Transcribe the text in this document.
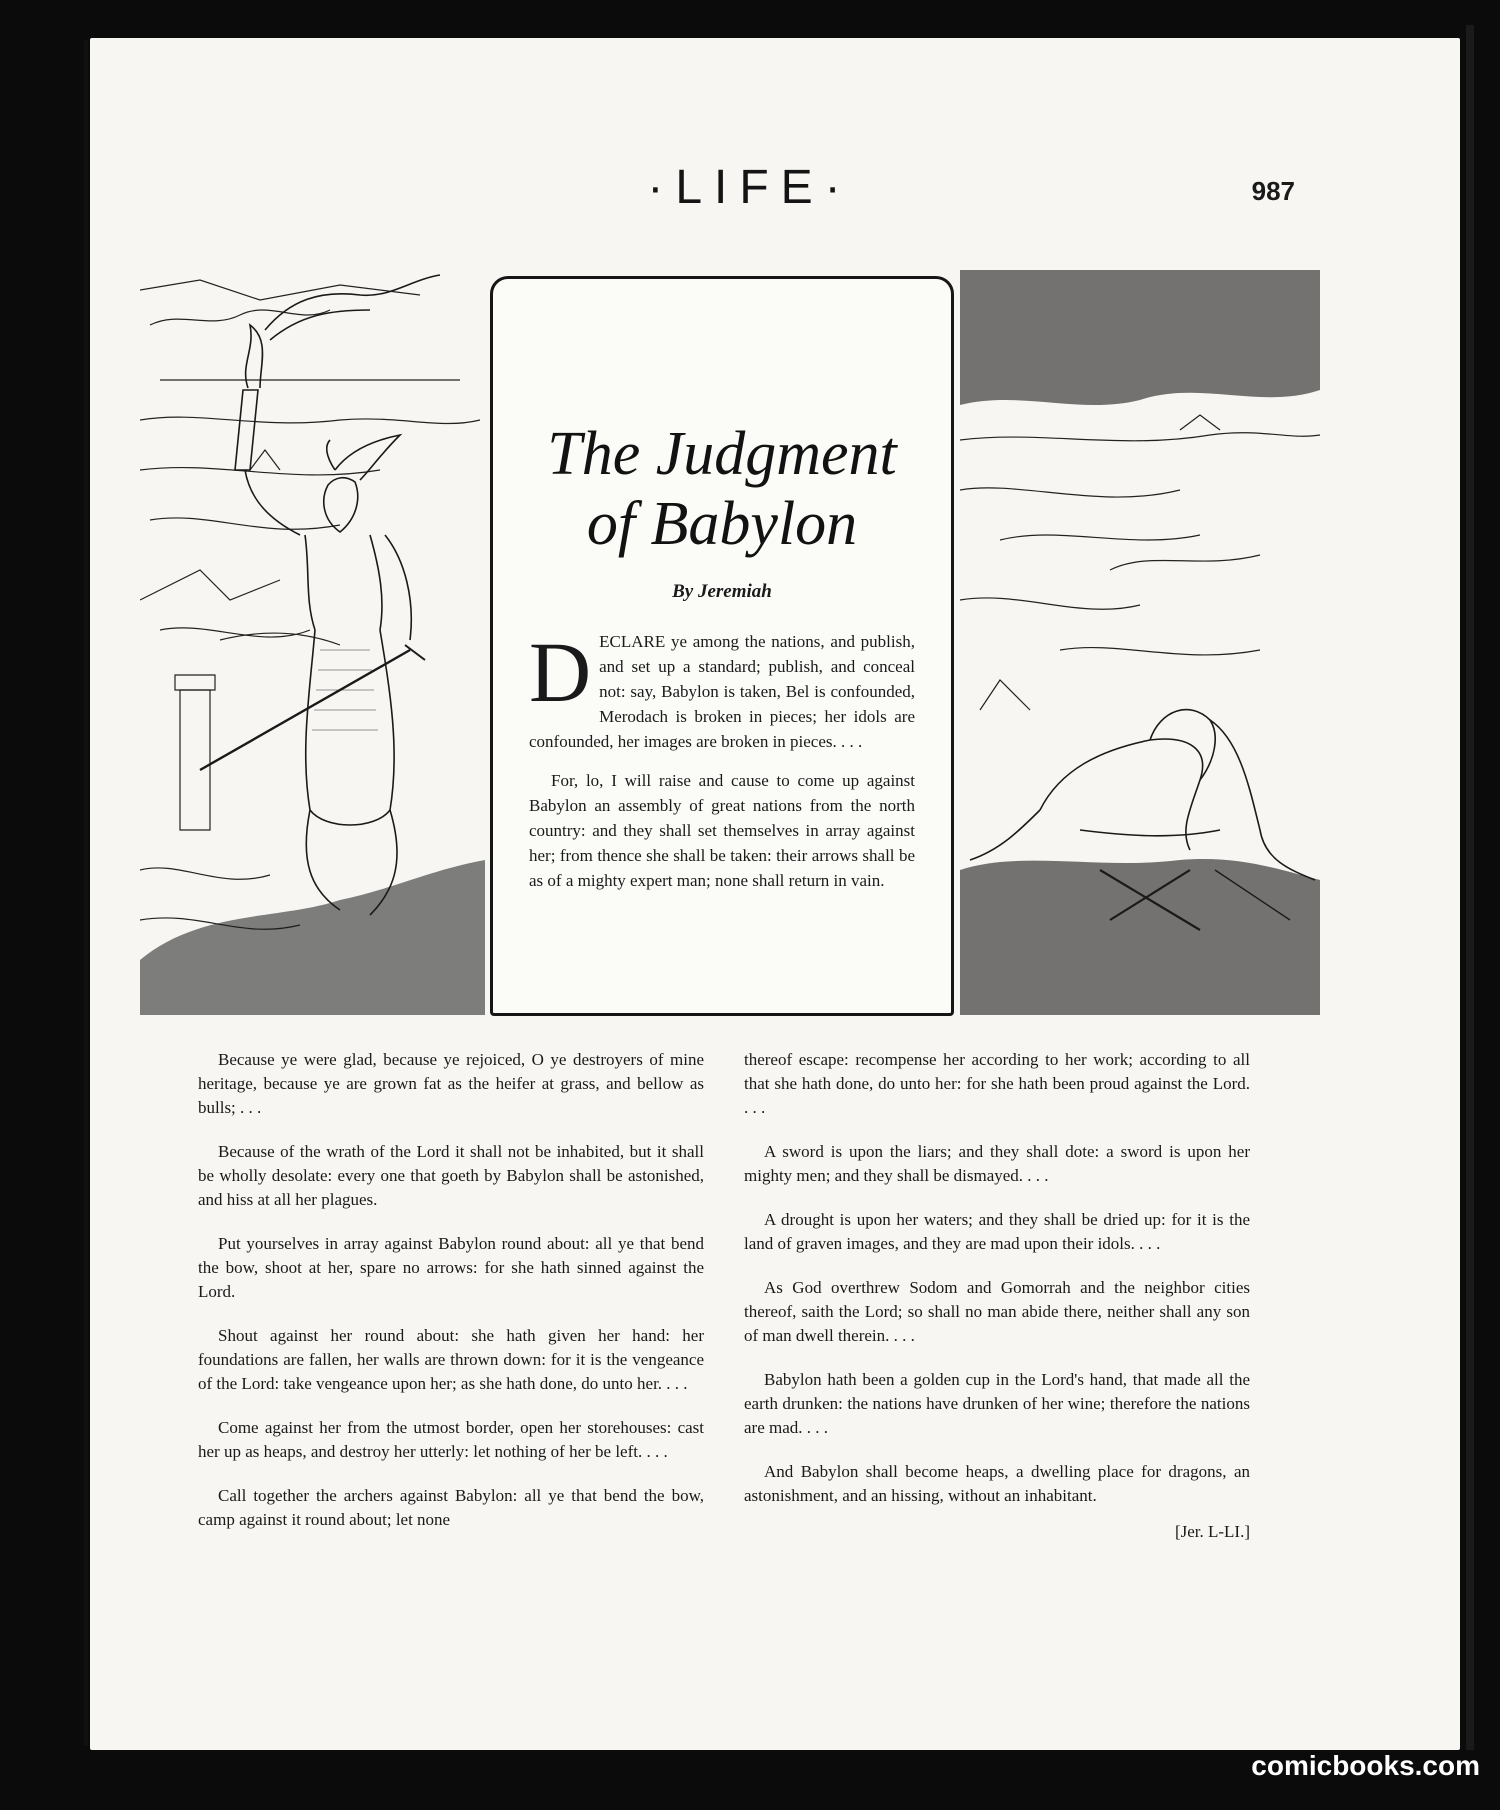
·LIFE·	987
The Judgment
of Babylon
By Jeremiah

DECLARE ye among the nations, and publish, and set up a standard; publish, and conceal not: say, Babylon is taken, Bel is confounded, Merodach is broken in pieces; her idols are confounded, her images are broken in pieces. . . .

For, lo, I will raise and cause to come up against Babylon an assembly of great nations from the north country: and they shall set themselves in array against her; from thence she shall be taken: their arrows shall be as of a mighty expert man; none shall return in vain.

Because ye were glad, because ye rejoiced, O ye destroyers of mine heritage, because ye are grown fat as the heifer at grass, and bellow as bulls; . . .

Because of the wrath of the Lord it shall not be inhabited, but it shall be wholly desolate: every one that goeth by Babylon shall be astonished, and hiss at all her plagues.

Put yourselves in array against Babylon round about: all ye that bend the bow, shoot at her, spare no arrows: for she hath sinned against the Lord.

Shout against her round about: she hath given her hand: her foundations are fallen, her walls are thrown down: for it is the vengeance of the Lord: take vengeance upon her; as she hath done, do unto her. . . .

Come against her from the utmost border, open her storehouses: cast her up as heaps, and destroy her utterly: let nothing of her be left. . . .

Call together the archers against Babylon: all ye that bend the bow, camp against it round about; let none

thereof escape: recompense her according to her work; according to all that she hath done, do unto her: for she hath been proud against the Lord. . . .

A sword is upon the liars; and they shall dote: a sword is upon her mighty men; and they shall be dismayed. . . .

A drought is upon her waters; and they shall be dried up: for it is the land of graven images, and they are mad upon their idols. . . .

As God overthrew Sodom and Gomorrah and the neighbor cities thereof, saith the Lord; so shall no man abide there, neither shall any son of man dwell therein. . . .

Babylon hath been a golden cup in the Lord's hand, that made all the earth drunken: the nations have drunken of her wine; therefore the nations are mad. . . .

And Babylon shall become heaps, a dwelling place for dragons, an astonishment, and an hissing, without an inhabitant.

[Jer. L-LI.]
comicbooks.com
